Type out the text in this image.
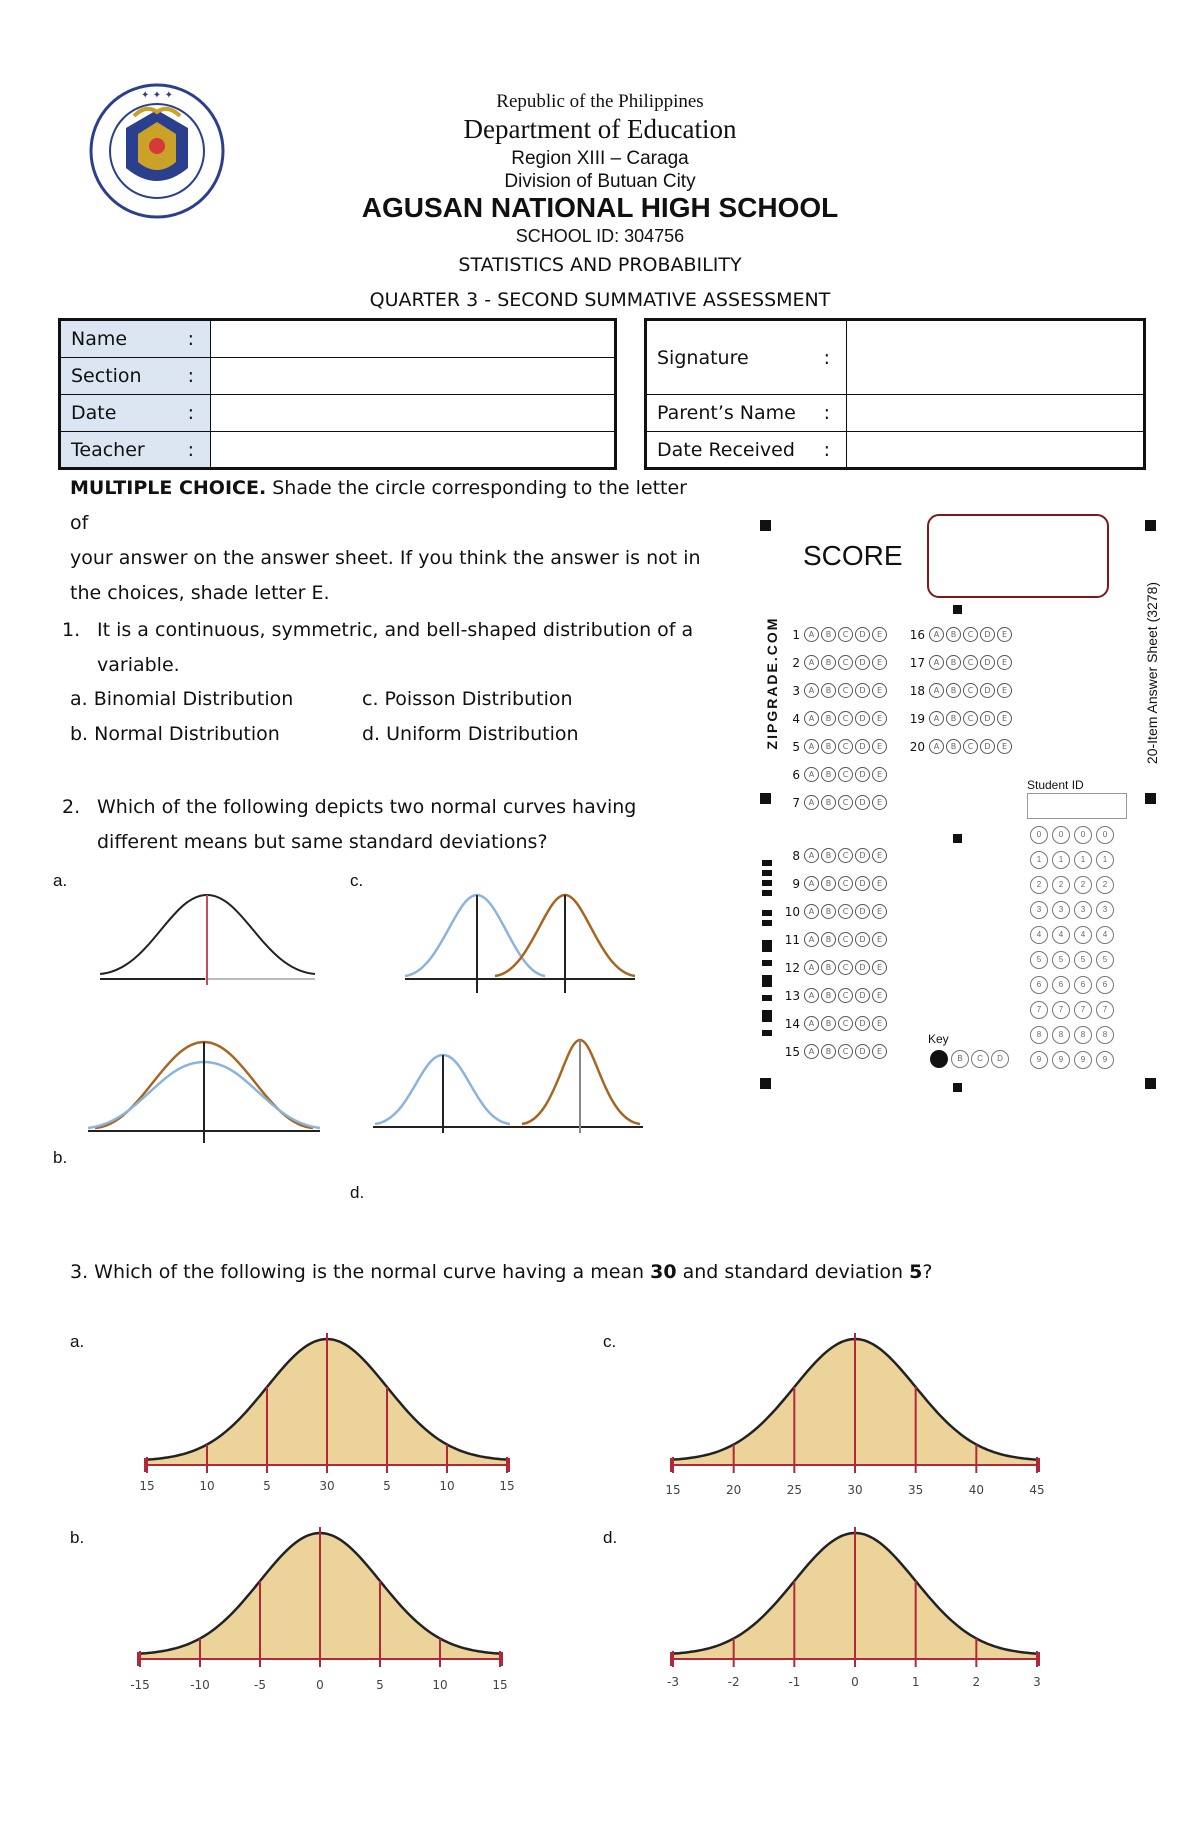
✦ ✦ ✦	Republic of the Philippines
Department of Education
Region XIII – Caraga
Division of Butuan City
AGUSAN NATIONAL HIGH SCHOOL
SCHOOL ID: 304756
STATISTICS AND PROBABILITY
QUARTER 3 - SECOND SUMMATIVE ASSESSMENT
Name	:
Section :
Date	:
Teacher :
Signature	:
Parent’s Name :
Date Received :
MULTIPLE CHOICE. Shade the circle corresponding to the letter of
your answer on the answer sheet. If you think the answer is not in
the choices, shade letter E.
1. It is a continuous, symmetric, and bell-shaped distribution of a
variable.
a. Binomial Distribution
b. Normal Distribution
c. Poisson Distribution
d. Uniform Distribution
2. Which of the following depicts two normal curves having
different means but same standard deviations?
a.	c.
b.
d.
3. Which of the following is the normal curve having a mean 30 and standard deviation 5?
a.	c.
b.	d.
15	10	5	30	5	10	15
-15	-10	-5	0	5	10	15
15	20	25	30	35	40	45
-3	-2	-1	0	1	2	3
SCORE
ZIPGRADE.COM	20-Item Answer Sheet (3278)
1	A	B	C	D	E
2	A	B	C	D	E
3	A	B	C	D	E
4	A	B	C	D	E
5	A	B	C	D	E
6	A	B	C	D	E
7	A	B	C	D	E
16	A	B	C	D	E
17	A	B	C	D	E
18	A	B	C	D	E
19	A	B	C	D	E
20	A	B	C	D	E
8	A	B	C	D	E
9	A	B	C	D	E
10	A	B	C	D	E
11	A	B	C	D	E
12	A	B	C	D	E
13	A	B	C	D	E
14	A	B	C	D	E
15	A	B	C	D	E
Student ID
0	0	0	0
1	1	1	1
2	2	2	2
3	3	3	3
4	4	4	4
5	5	5	5
6	6	6	6
7	7	7	7
8	8	8	8
9	9	9	9
Key
B	C	D
